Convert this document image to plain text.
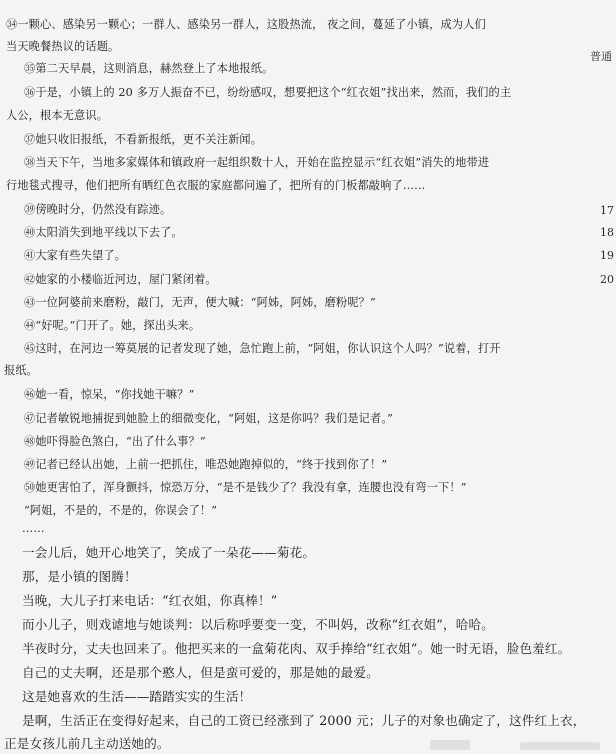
㉞一颗心、感染另一颗心；一群人、感染另一群人，这股热流， 夜之间，蔓延了小镇，成为人们
当天晚餐热议的话题。
㉟第二天早晨，这则消息，赫然登上了本地报纸。
㊱于是，小镇上的 20 多万人振奋不已，纷纷感叹，想要把这个“红衣姐”找出来，然而，我们的主
人公，根本无意识。
㊲她只收旧报纸，不看新报纸，更不关注新闻。
㊳当天下午，当地多家媒体和镇政府一起组织数十人，开始在监控显示“红衣姐”消失的地带进
行地毯式搜寻，他们把所有晒红色衣服的家庭都问遍了，把所有的门板都敲响了……
㊴傍晚时分，仍然没有踪迹。
㊵太阳消失到地平线以下去了。
㊶大家有些失望了。
㊷她家的小楼临近河边，屋门紧闭着。
㊸一位阿婆前来磨粉，敲门，无声，便大喊：“阿姊，阿姊，磨粉呢？”
㊹“好呢。”门开了。她，探出头来。
㊺这时，在河边一筹莫展的记者发现了她，急忙跑上前，“阿姐，你认识这个人吗？”说着，打开
报纸。
㊻她一看，惊呆，“你找她干嘛？”
㊼记者敏锐地捕捉到她脸上的细微变化，“阿姐，这是你吗？我们是记者。”
㊽她吓得脸色煞白，“出了什么事？”
㊾记者已经认出她，上前一把抓住，唯恐她跑掉似的，“终于找到你了！”
㊿她更害怕了，浑身颤抖，惊恐万分，“是不是钱少了？我没有拿，连腰也没有弯一下！”
“阿姐，不是的，不是的，你误会了！”
……
一会儿后，她开心地笑了，笑成了一朵花——菊花。
那，是小镇的图腾！
当晚，大儿子打来电话：“红衣姐，你真棒！”
而小儿子，则戏谑地与她谈判：以后称呼要变一变，不叫妈，改称“红衣姐”，哈哈。
半夜时分，丈夫也回来了。他把买来的一盒菊花肉、双手捧给“红衣姐”。她一时无语，脸色羞红。
自己的丈夫啊，还是那个憨人，但是蛮可爱的，那是她的最爱。
这是她喜欢的生活——踏踏实实的生活！
是啊，生活正在变得好起来，自己的工资已经涨到了 2000 元；儿子的对象也确定了，这件红上衣，
正是女孩儿前几主动送她的。
普通
17
18
19
20
